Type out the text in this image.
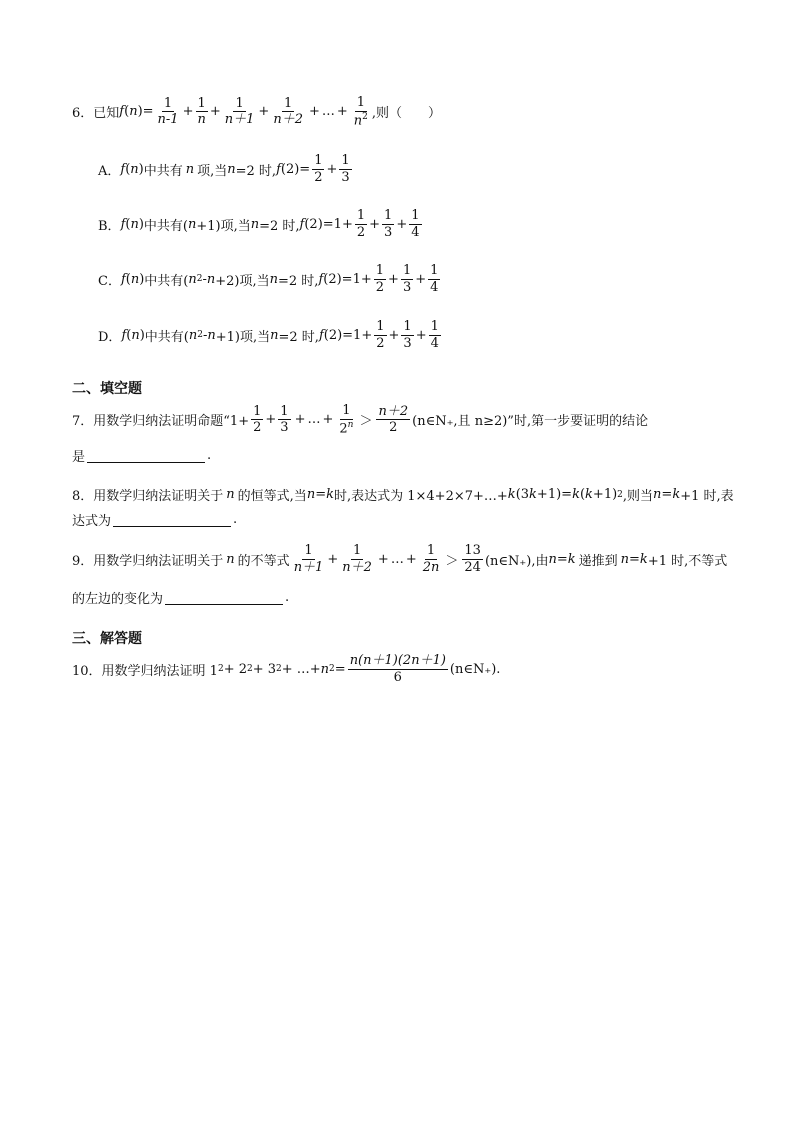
6． 已知 f ( n )= $\frac{1}{n-1} + \frac{1}{n} + \frac{1}{n+1} + \frac{1}{n+2}$ + … + $\frac{1}{n^2}$ ,则（　　）
A． f ( n ) 中共有 n 项,当 n =2 时, f $(2)= \frac{1}{2} + \frac{1}{3}$
B． f ( n ) 中共有( n +1)项,当 n =2 时, f $(2)=1+ \frac{1}{2} + \frac{1}{3} + \frac{1}{4}$
C． f ( n ) 中共有( n 2 - n +2)项,当 n =2 时, f $(2)=1+ \frac{1}{2} + \frac{1}{3} + \frac{1}{4}$
D． f ( n ) 中共有( n 2 - n +1)项,当 n =2 时, f $(2)=1+ \frac{1}{2} + \frac{1}{3} + \frac{1}{4}$
二、填空题
7． 用数学归纳法证明命题“$1+ \frac{1}{2} + \frac{1}{3}$ + … + $\frac{1}{2^n} > \frac{n+2}{2}$ (n∈N₊,且 n≥2)”时,第一步要证明的结论
是	.
8． 用数学归纳法证明关于 n 的恒等式,当 n = k 时,表达式为 1×4+2×7+…+ k (3 k +1)= k ( k +1) 2 ,则当 n = k +1 时,表
达式为	.
9． 用数学归纳法证明关于 n 的不等式 $\frac{1}{n+1} + \frac{1}{n+2}$ + … + $\frac{1}{2n} > \frac{13}{24}$ (n∈N₊),由 n = k 递推到 n = k +1 时,不等式
的左边的变化为	.
三、解答题
10． 用数学归纳法证明 1 2 + 2 2 + 3 2 + …+ n $2 = \frac{n(n+1)(2n+1)}{6}$ (n∈N₊).
